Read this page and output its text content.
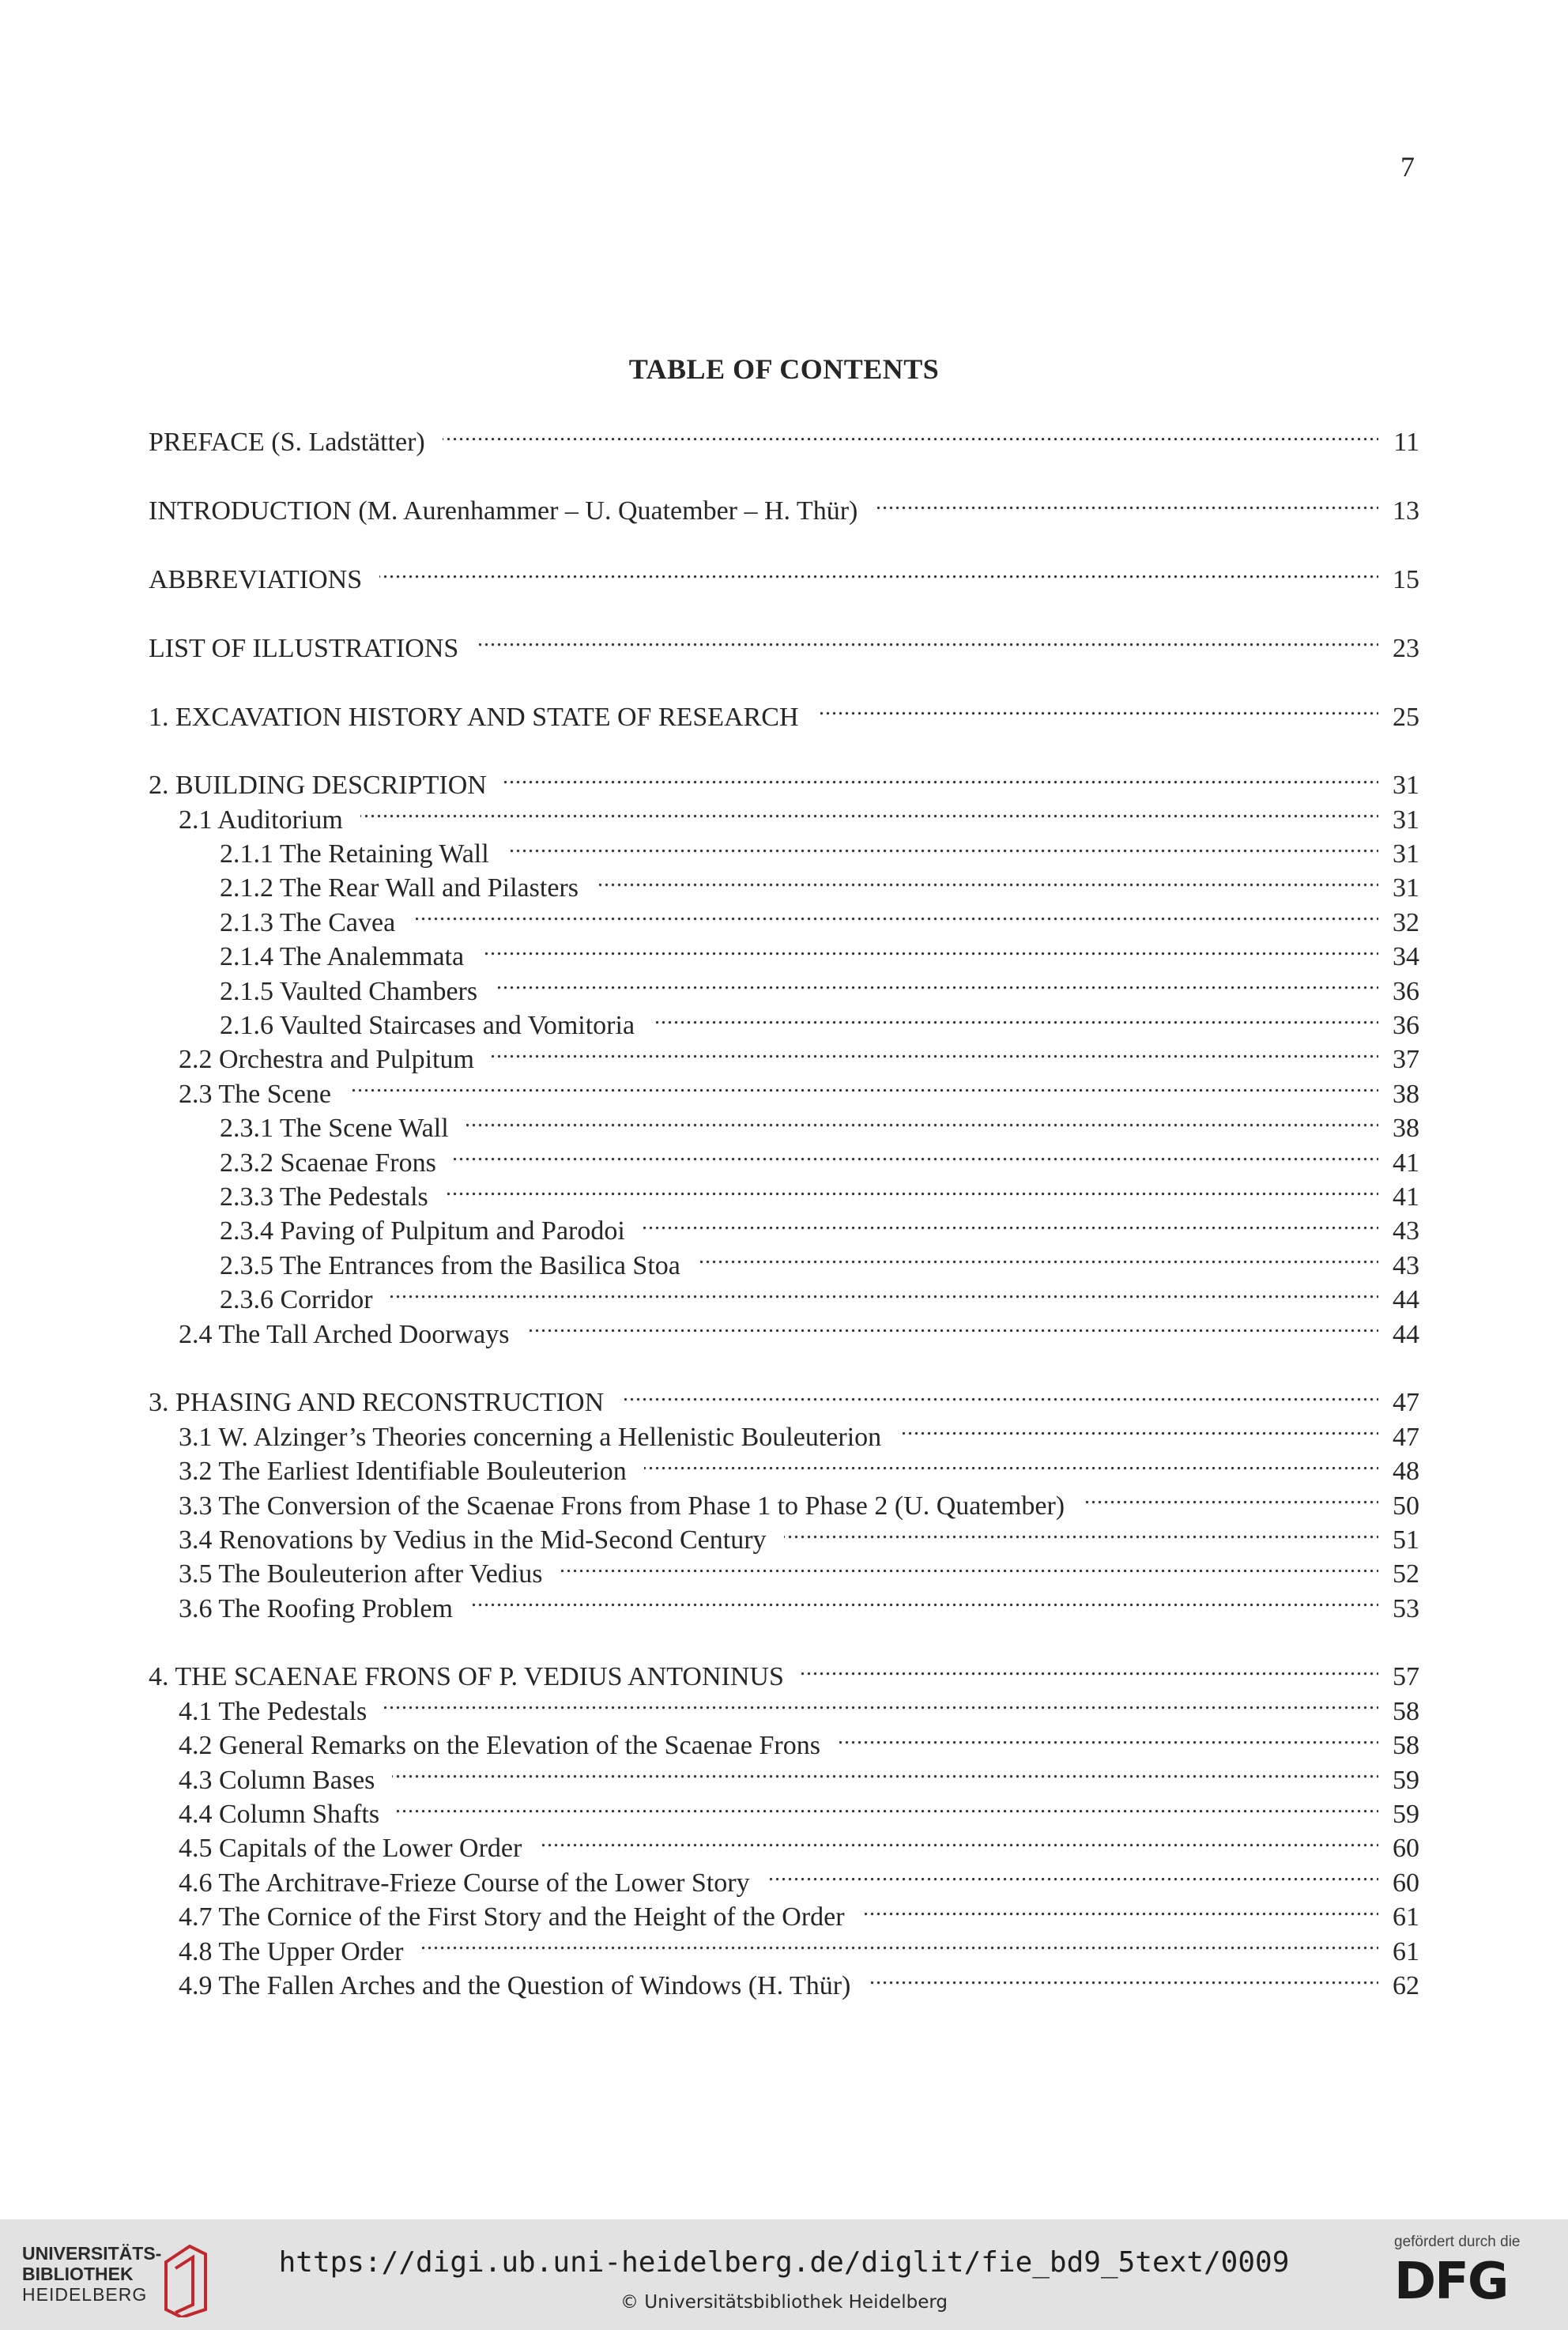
7
TABLE OF CONTENTS
PREFACE (S. Ladstätter) . . .	11
INTRODUCTION (M. Aurenhammer – U. Quatember – H. Thür) . . .	13
ABBREVIATIONS . . .	15
LIST OF ILLUSTRATIONS . . .	23
1. EXCAVATION HISTORY AND STATE OF RESEARCH . . .	25
2. BUILDING DESCRIPTION . . .	31
2.1 Auditorium . . .	31
2.1.1 The Retaining Wall . . .	31
2.1.2 The Rear Wall and Pilasters . . .	31
2.1.3 The Cavea . . .	32
2.1.4 The Analemmata . . .	34
2.1.5 Vaulted Chambers . . .	36
2.1.6 Vaulted Staircases and Vomitoria . . .	36
2.2 Orchestra and Pulpitum . . .	37
2.3 The Scene . . .	38
2.3.1 The Scene Wall . . .	38
2.3.2 Scaenae Frons . . .	41
2.3.3 The Pedestals . . .	41
2.3.4 Paving of Pulpitum and Parodoi . . .	43
2.3.5 The Entrances from the Basilica Stoa . . .	43
2.3.6 Corridor . . .	44
2.4 The Tall Arched Doorways . . .	44
3. PHASING AND RECONSTRUCTION . . .	47
3.1 W. Alzinger’s Theories concerning a Hellenistic Bouleuterion . . .	47
3.2 The Earliest Identifiable Bouleuterion . . .	48
3.3 The Conversion of the Scaenae Frons from Phase 1 to Phase 2 (U. Quatember) . . .	50
3.4 Renovations by Vedius in the Mid-Second Century . . .	51
3.5 The Bouleuterion after Vedius . . .	52
3.6 The Roofing Problem . . .	53
4. THE SCAENAE FRONS OF P. VEDIUS ANTONINUS . . .	57
4.1 The Pedestals . . .	58
4.2 General Remarks on the Elevation of the Scaenae Frons . . .	58
4.3 Column Bases . . .	59
4.4 Column Shafts . . .	59
4.5 Capitals of the Lower Order . . .	60
4.6 The Architrave-Frieze Course of the Lower Story . . .	60
4.7 The Cornice of the First Story and the Height of the Order . . .	61
4.8 The Upper Order . . .	61
4.9 The Fallen Arches and the Question of Windows (H. Thür) . . .	62
UNIVERSITÄTS-
BIBLIOTHEK
HEIDELBERG
https://digi.ub.uni-heidelberg.de/diglit/fie_bd9_5text/0009
© Universitätsbibliothek Heidelberg
gefördert durch die
DFG
